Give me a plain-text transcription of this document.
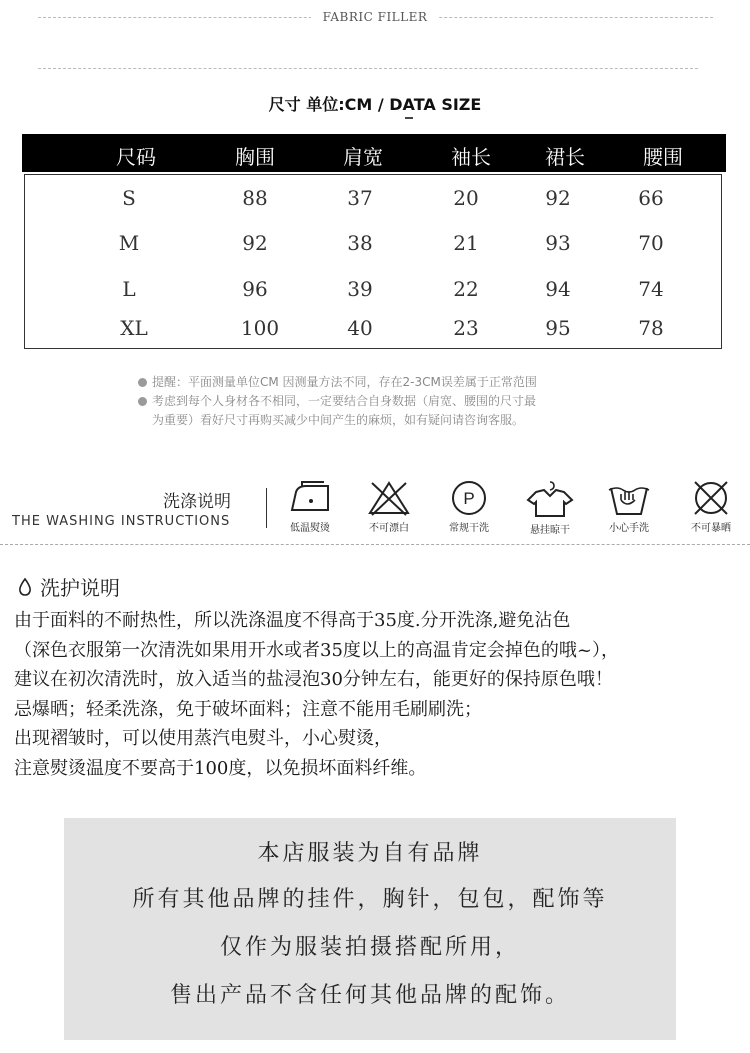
FABRIC FILLER
尺寸 单位:CM / DATA SIZE
尺码	胸围	肩宽	袖长	裙长	腰围
S	88	37	20	92	66
M	92	38	21	93	70
L	96	39	22	94	74
XL	100	40	23	95	78
提醒：平面测量单位CM 因测量方法不同，存在2-3CM误差属于正常范围
考虑到每个人身材各不相同，一定要结合自身数据（肩宽、腰围的尺寸最
为重要）看好尺寸再购买减少中间产生的麻烦，如有疑问请咨询客服。
洗涤说明
THE WASHING INSTRUCTIONS	低温熨烫	不可漂白
P
常规干洗	悬挂晾干	小心手洗	不可暴晒
洗护说明
由于面料的不耐热性，所以洗涤温度不得高于35度.分开洗涤,避免沾色
（深色衣服第一次清洗如果用开水或者35度以上的高温肯定会掉色的哦~），
建议在初次清洗时，放入适当的盐浸泡30分钟左右，能更好的保持原色哦！
忌爆晒；轻柔洗涤，免于破坏面料；注意不能用毛刷刷洗；
出现褶皱时，可以使用蒸汽电熨斗，小心熨烫，
注意熨烫温度不要高于100度，以免损坏面料纤维。
本店服装为自有品牌
所有其他品牌的挂件，胸针，包包，配饰等
仅作为服装拍摄搭配所用，
售出产品不含任何其他品牌的配饰。
